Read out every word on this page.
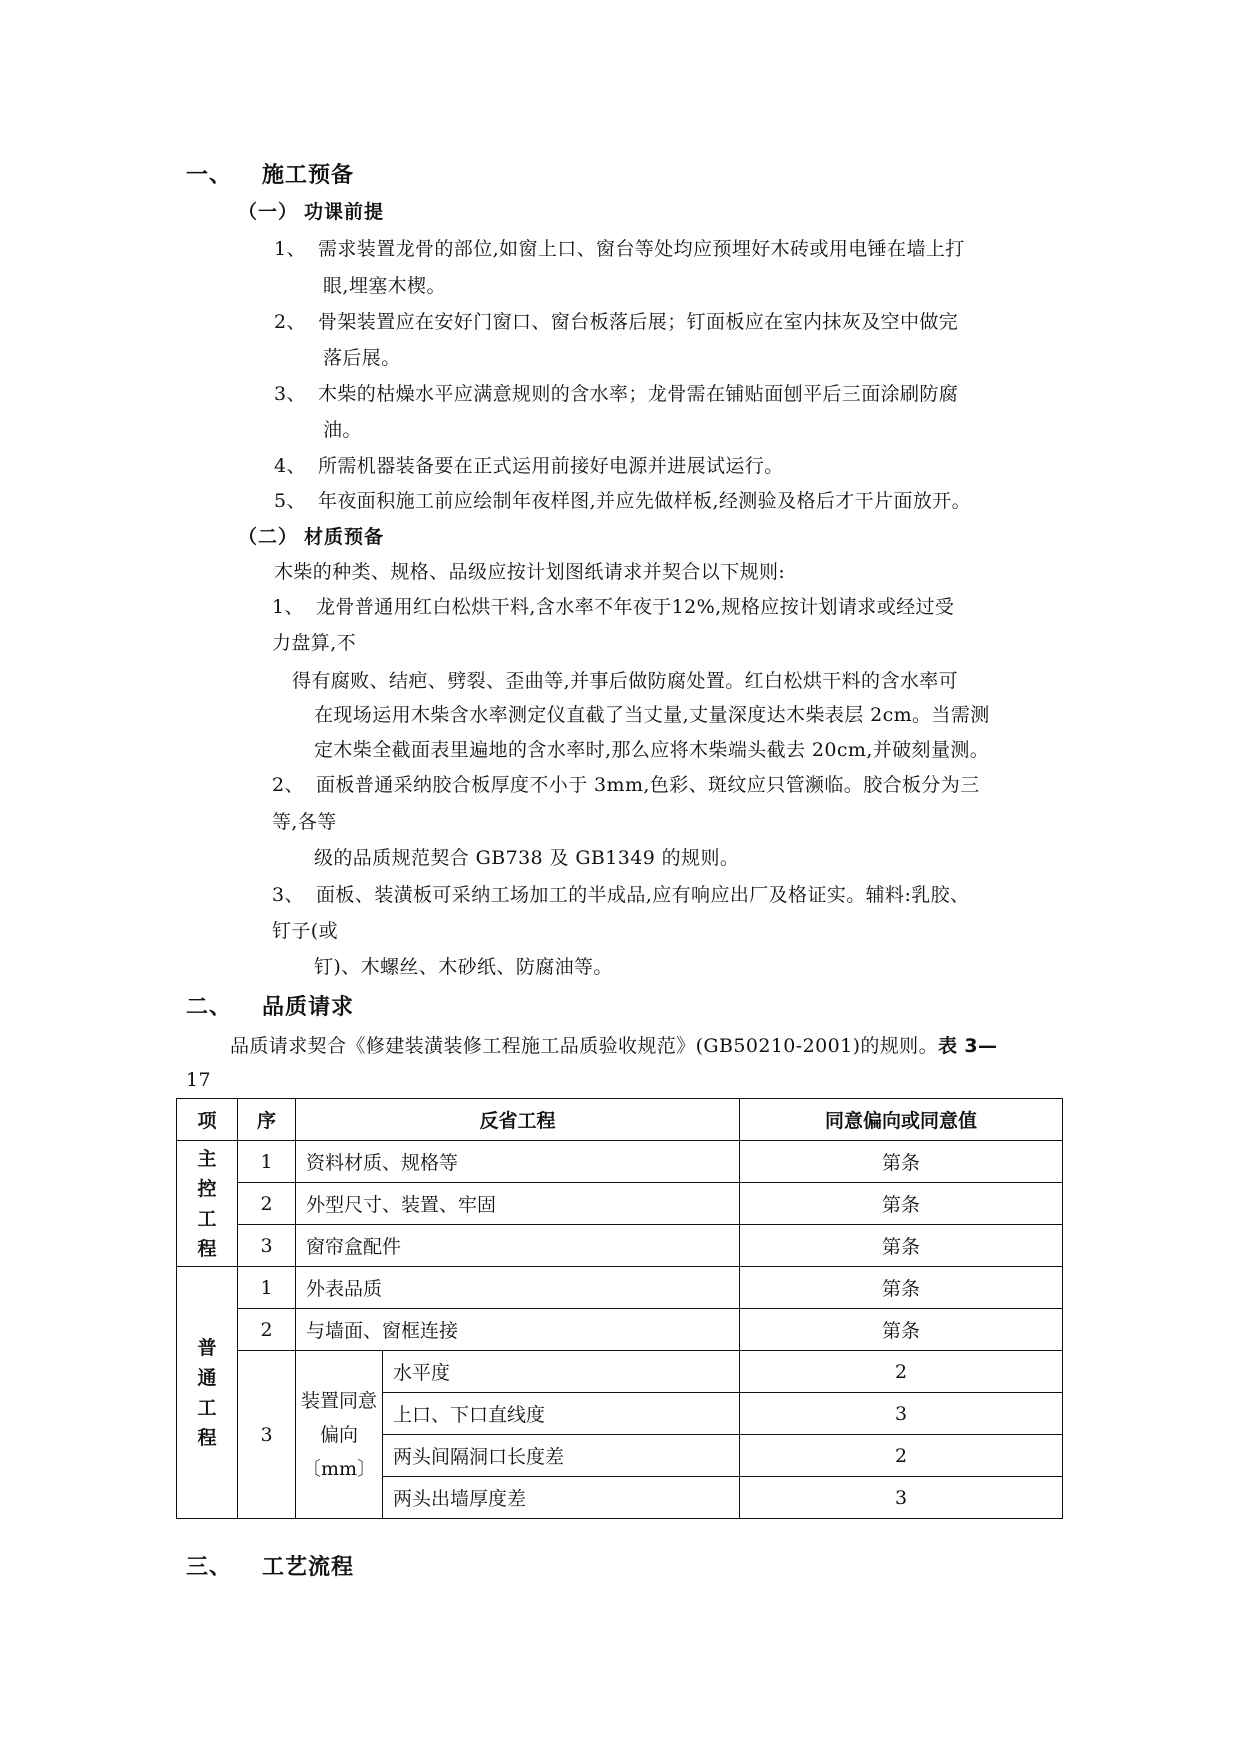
一、 施工预备
（一） 功课前提
1、 需求装置龙骨的部位,如窗上口、窗台等处均应预埋好木砖或用电锤在墙上打
眼,埋塞木楔。
2、 骨架装置应在安好门窗口、窗台板落后展；钉面板应在室内抹灰及空中做完
落后展。
3、 木柴的枯燥水平应满意规则的含水率；龙骨需在铺贴面刨平后三面涂刷防腐
油。
4、 所需机器装备要在正式运用前接好电源并进展试运行。
5、 年夜面积施工前应绘制年夜样图,并应先做样板,经测验及格后才干片面放开。
（二） 材质预备
木柴的种类、规格、品级应按计划图纸请求并契合以下规则:
1、 龙骨普通用红白松烘干料,含水率不年夜于12%,规格应按计划请求或经过受
力盘算,不
得有腐败、结疤、劈裂、歪曲等,并事后做防腐处置。红白松烘干料的含水率可
在现场运用木柴含水率测定仪直截了当丈量,丈量深度达木柴表层 2cm。当需测
定木柴全截面表里遍地的含水率时,那么应将木柴端头截去 20cm,并破刻量测。
2、 面板普通采纳胶合板厚度不小于 3mm,色彩、斑纹应只管濒临。胶合板分为三
等,各等
级的品质规范契合 GB738 及 GB1349 的规则。
3、 面板、装潢板可采纳工场加工的半成品,应有响应出厂及格证实。辅料:乳胶、
钉子(或
钉)、木螺丝、木砂纸、防腐油等。
二、 品质请求
品质请求契合《修建装潢装修工程施工品质验收规范》(GB50210-2001)的规则。表 3—
17
项	序	反省工程		同意偏向或同意值
主控工程	1	资料材质、规格等		第条
	2	外型尺寸、装置、牢固		第条
	3	窗帘盒配件		第条
普通工程	1	外表品质		第条
	2	与墙面、窗框连接		第条
	3	装置同意偏向〔mm〕	水平度	2
			上口、下口直线度	3
			两头间隔洞口长度差	2
			两头出墙厚度差	3
三、 工艺流程
